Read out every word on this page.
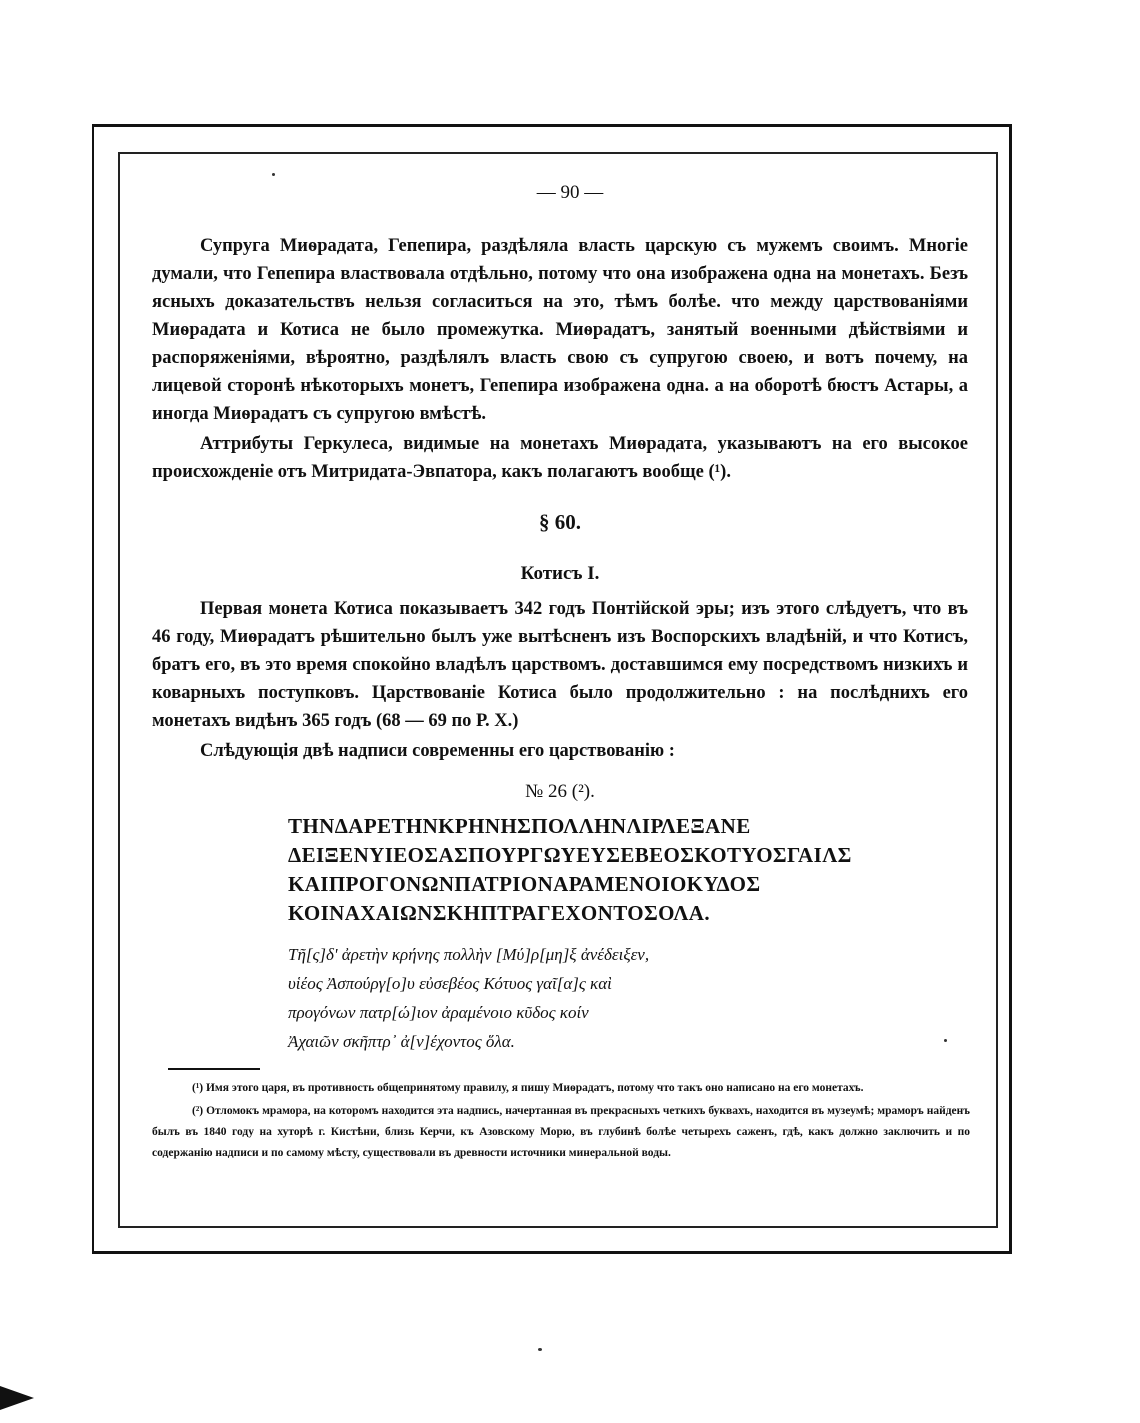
— 90 —

Супруга Миѳрадата, Гепепира, раздѣляла власть царскую съ мужемъ своимъ. Многіе думали, что Гепепира властвовала отдѣльно, потому что она изображена одна на монетахъ. Безъ ясныхъ доказательствъ нельзя согласиться на это, тѣмъ болѣе. что между царствованіями Миѳрадата и Котиса не было промежутка. Миѳрадатъ, занятый военными дѣйствіями и распоряженіями, вѣроятно, раздѣлялъ власть свою съ супругою своею, и вотъ почему, на лицевой сторонѣ нѣкоторыхъ монетъ, Гепепира изображена одна. а на оборотѣ бюстъ Астары, а иногда Миѳрадатъ съ супругою вмѣстѣ.

Аттрибуты Геркулеса, видимые на монетахъ Миѳрадата, указываютъ на его высокое происхожденіе отъ Митридата-Эвпатора, какъ полагаютъ вообще (¹).

§ 60.
Котисъ I.

Первая монета Котиса показываетъ 342 годъ Понтійской эры; изъ этого слѣдуетъ, что въ 46 году, Миѳрадатъ рѣшительно былъ уже вытѣсненъ изъ Воспорскихъ владѣній, и что Котисъ, братъ его, въ это время спокойно владѣлъ царствомъ. доставшимся ему посредствомъ низкихъ и коварныхъ поступковъ. Царствованіе Котиса было продолжительно : на послѣднихъ его монетахъ видѣнъ 365 годъ (68 — 69 по Р. Х.)

Слѣдующія двѣ надписи современны его царствованію :

№ 26 (²).
ΤΗΝΔΑΡΕΤΗΝΚΡΗΝΗΣΠΟΛΛΗΝΛΙΡΛΕΞΑΝΕ
ΔΕΙΞΕΝΥΙΕΟΣΑΣΠΟΥΡΓΩΥΕΥΣΕΒΕΟΣΚΟΤΥΟΣΓΑΙΛΣ
ΚΑΙΠΡΟΓΟΝΩΝΠΑΤΡΙΟΝΑΡΑΜΕΝΟΙΟΚΥΔΟΣ
ΚΟΙΝΑΧΑΙΩΝΣΚΗΠΤΡΑΓΕΧΟΝΤΟΣΟΛΑ.
Τῆ[ς]δ' ἀρετὴν κρήνης πολλὴν [Μύ]ρ[μη]ξ ἀνέδειξεν,
υἱέος Ἀσπούργ[ο]υ εὐσεβέος Κότυος γαῖ[α]ς καὶ
προγόνων πατρ[ώ]ιον ἀραμένοιο κῦδος κοίν
Ἀχαιῶν σκῆπτρ᾽ ἀ[ν]έχοντος ὅλα.

(¹) Имя этого царя, въ противность общепринятому правилу, я пишу Миѳрадатъ, потому что такъ оно написано на его монетахъ.

(²) Отломокъ мрамора, на которомъ находится эта надпись, начертанная въ прекрасныхъ четкихъ буквахъ, находится въ музеумѣ; мраморъ найденъ былъ въ 1840 году на хуторѣ г. Кистѣни, близь Керчи, къ Азовскому Морю, въ глубинѣ болѣе четырехъ саженъ, гдѣ, какъ должно заключить и по содержанію надписи и по самому мѣсту, существовали въ древности источники минеральной воды.
